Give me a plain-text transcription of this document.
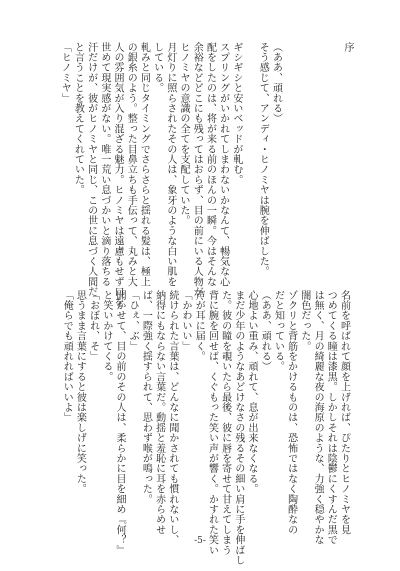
序

（ああ、頑れる）

そう感じて、アンディ・ヒノミヤは腕を伸ばした。

ギシギシと安いベッドが軋む。

スプリングがいかれてしまわないかなんて、暢気な心

配をしたのは、将が来る前のほんの一瞬。今はそんな

余裕などどこにも残ってはおらず、目の前にいる人物が、

ヒノミヤの意識の全てを支配していた。

月灯りに照らされたその人は、象牙のような白い肌を

している。

軋みと同じタイミングでさらさらと揺れる髪は、極上

の銀糸のよう。整った目鼻立ちも手伝って、丸みと大

人の雰囲気が入り混ざる魅力。ヒノミヤは遠慮もせず口を

世めて現実感がない。唯一荒い息づかいと滴り落ちる

汗だけが、彼がヒノミヤと同じ、この世に息づく人間だ

と言うことを教えてくれていた。

「ヒノミヤ」

名前を呼ばれて顔を上げれば、ぴたりとヒノミヤを見

つめてくる瞳は漆黒。しかしそれは陰鬱にくすんだ黒で

は無く、月の綺麗な夜の海原のような、力強く穏やかな

闇色だった。

ゾクリと背筋をかけるものは、恐怖ではなく陶酔なの

だと知っている。

（ああ、頑れる）

心地よい重み、頑れて、息が出来なくなる。

まだ少年のようなあどけなさの残るその細い肩に手を伸ばし

た。彼の瞳を覗いたら最後、彼に唇を寄せて甘えてしまう

背に腕を回せば、くぐもった笑い声が響く。かすれた笑い

声が耳に届く。

「かわいい」

続けられた言葉は、どんなに聞かされても慣れないし、

納得にもならない言葉だ。動揺と羞恥に耳を赤らめせ

ば、一際強く揺すられて、思わず喉が鳴った。

「ひぇ、ぶ」

聞かせて、目の前のその人は、柔らかに目を細め『何？』

と笑いかけてくる。

「おぼれ、そ」

思うまま言葉にすると彼は楽しげに笑った。

「俺らでも頑れればいいよ」

-5-
